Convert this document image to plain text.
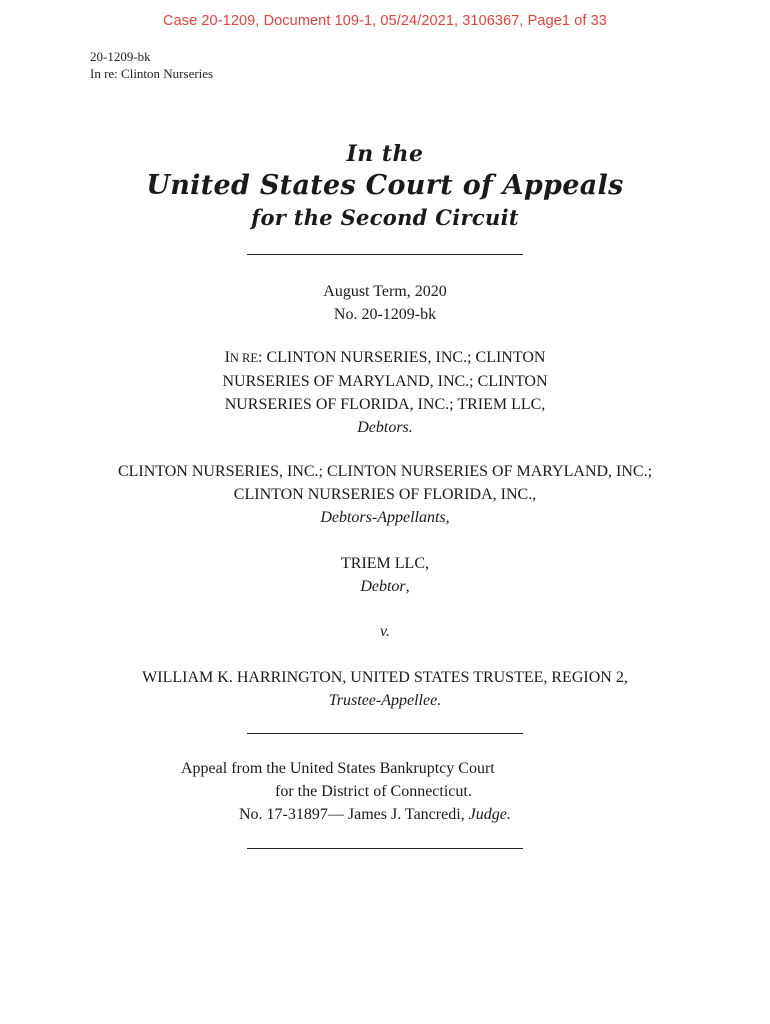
Case 20-1209, Document 109-1, 05/24/2021, 3106367, Page1 of 33
20-1209-bk
In re: Clinton Nurseries
In the
United States Court of Appeals
for the Second Circuit
August Term, 2020
No. 20-1209-bk
IN RE: CLINTON NURSERIES, INC.; CLINTON
NURSERIES OF MARYLAND, INC.; CLINTON
NURSERIES OF FLORIDA, INC.; TRIEM LLC,
Debtors.
CLINTON NURSERIES, INC.; CLINTON NURSERIES OF MARYLAND, INC.;
CLINTON NURSERIES OF FLORIDA, INC.,
Debtors-Appellants,
TRIEM LLC,
Debtor,
v.
WILLIAM K. HARRINGTON, UNITED STATES TRUSTEE, REGION 2,
Trustee-Appellee.
Appeal from the United States Bankruptcy Court
for the District of Connecticut.
No. 17-31897— James J. Tancredi, Judge.
